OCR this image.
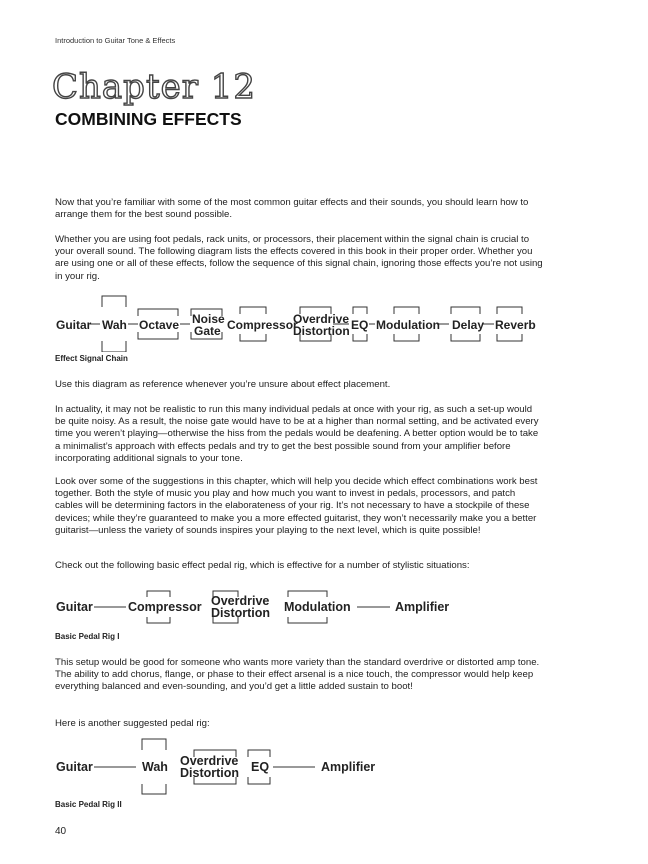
Introduction to Guitar Tone & Effects
Chapter 12
COMBINING EFFECTS

Now that you’re familiar with some of the most common guitar effects and their sounds, you should learn how to arrange them for the best sound possible.

Whether you are using foot pedals, rack units, or processors, their placement within the signal chain is crucial to your overall sound. The following diagram lists the effects covered in this book in their proper order. Whether you are using one or all of these effects, follow the sequence of this signal chain, ignoring those effects you’re not using in your rig.

Guitar Wah Octave Noise
Gate Compressor
Overdrive
Distortion EQ Modulation Delay Reverb
Effect Signal Chain

Use this diagram as reference whenever you’re unsure about effect placement.

In actuality, it may not be realistic to run this many individual pedals at once with your rig, as such a set-up would be quite noisy. As a result, the noise gate would have to be at a higher than normal setting, and be activated every time you weren’t playing—otherwise the hiss from the pedals would be deafening. A better option would be to take a minimalist’s approach with effects pedals and try to get the best possible sound from your amplifier before incorporating additional signals to your tone.

Look over some of the suggestions in this chapter, which will help you decide which effect combinations work best together. Both the style of music you play and how much you want to invest in pedals, processors, and patch cables will be determining factors in the elaborateness of your rig. It’s not necessary to have a stockpile of these devices; while they’re guaranteed to make you a more effected guitarist, they won’t necessarily make you a better guitarist—unless the variety of sounds inspires your playing to the next level, which is quite possible!

Check out the following basic effect pedal rig, which is effective for a number of stylistic situations:

Guitar	Compressor Overdrive
Distortion Modulation	Amplifier
Basic Pedal Rig I

This setup would be good for someone who wants more variety than the standard overdrive or distorted amp tone. The ability to add chorus, flange, or phase to their effect arsenal is a nice touch, the compressor would help keep everything balanced and even-sounding, and you’d get a little added sustain to boot!

Here is another suggested pedal rig:

Guitar	Wah Overdrive
Distortion EQ	Amplifier
Basic Pedal Rig II
40
